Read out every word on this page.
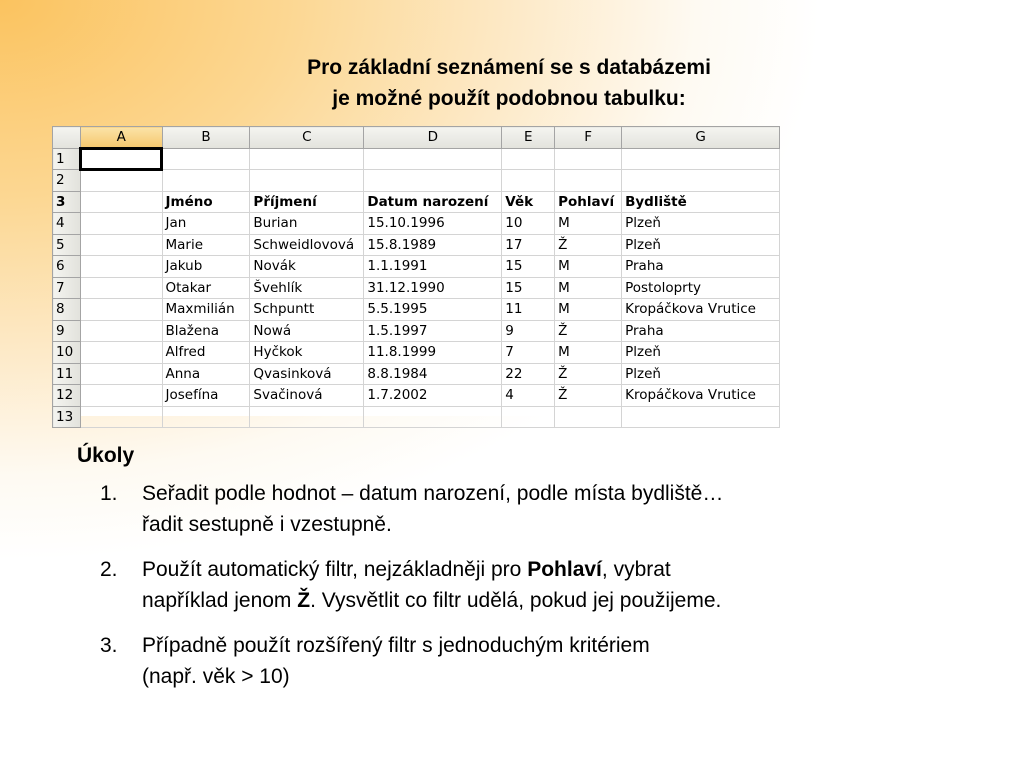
Pro základní seznámení se s databázemi
je možné použít podobnou tabulku:
	A	B	C	D	E	F	G
1							
2							
3		Jméno	Příjmení	Datum narození	Věk	Pohlaví	Bydliště
4		Jan	Burian	15.10.1996	10	M	Plzeň
5		Marie	Schweidlovová	15.8.1989	17	Ž	Plzeň
6		Jakub	Novák	1.1.1991	15	M	Praha
7		Otakar	Švehlík	31.12.1990	15	M	Postoloprty
8		Maxmilián	Schpuntt	5.5.1995	11	M	Kropáčkova Vrutice
9		Blažena	Nowá	1.5.1997	9	Ž	Praha
10		Alfred	Hyčkok	11.8.1999	7	M	Plzeň
11		Anna	Qvasinková	8.8.1984	22	Ž	Plzeň
12		Josefína	Svačinová	1.7.2002	4	Ž	Kropáčkova Vrutice
13							
Úkoly
1. Seřadit podle hodnot – datum narození, podle místa bydliště…
řadit sestupně i vzestupně.
2. Použít automatický filtr, nejzákladněji pro Pohlaví, vybrat
například jenom Ž. Vysvětlit co filtr udělá, pokud jej použijeme.
3. Případně použít rozšířený filtr s jednoduchým kritériem
(např. věk > 10)
